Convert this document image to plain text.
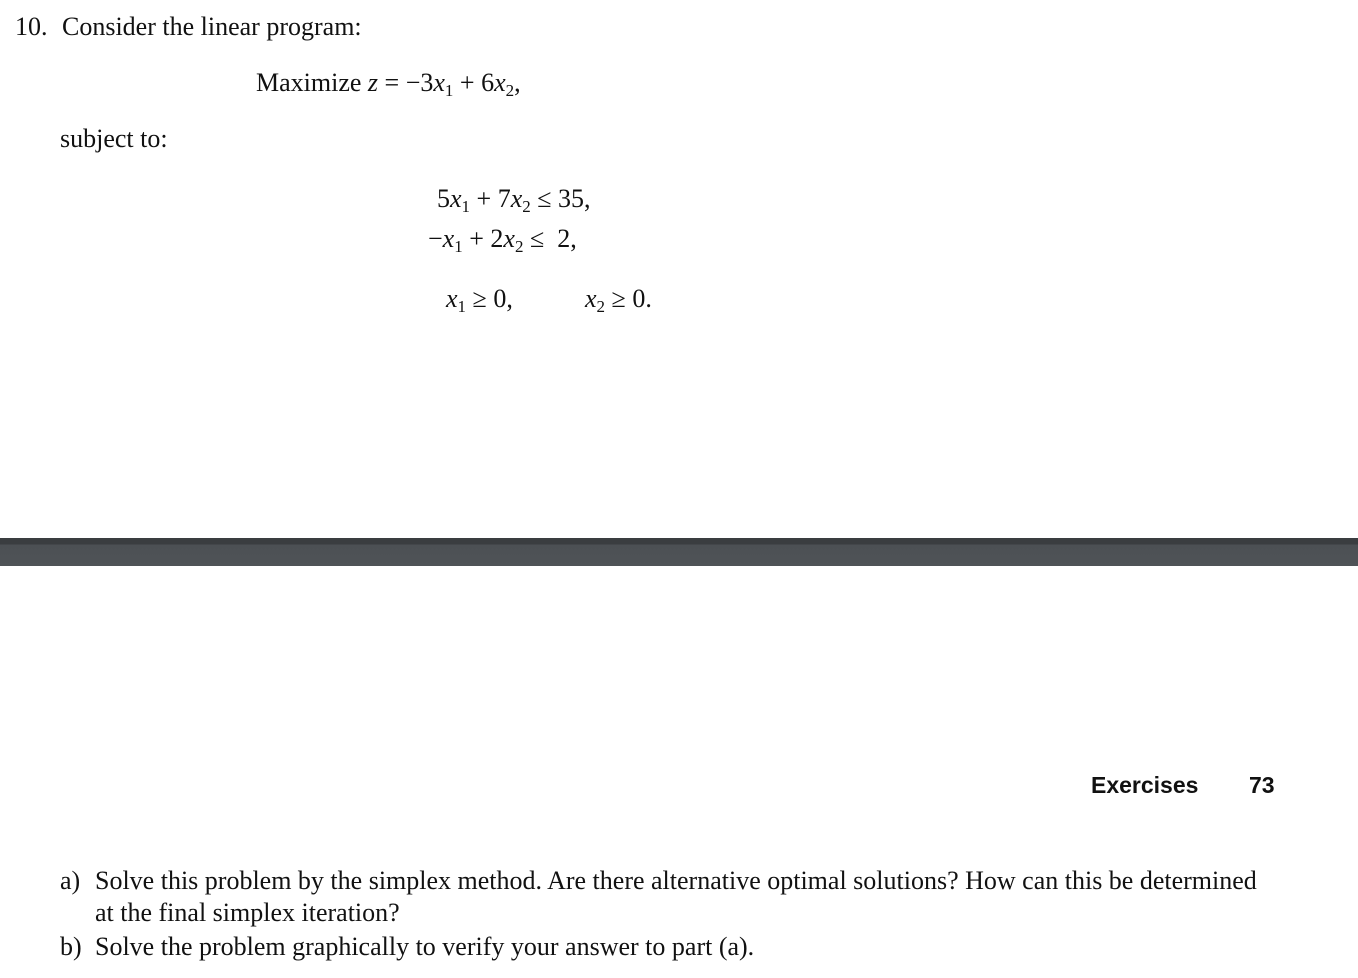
10. Consider the linear program:
Maximize $z = -3x_1 + 6x_2$,
subject to:
$5x_1 + 7x_2 \le 35$,
$-x_1 + 2x_2 \le 2$,
$x_1 \ge 0$,	$x_2 \ge 0$.
Exercises 73
a) Solve this problem by the simplex method. Are there alternative optimal solutions? How can this be determined
at the final simplex iteration?
b) Solve the problem graphically to verify your answer to part (a).
